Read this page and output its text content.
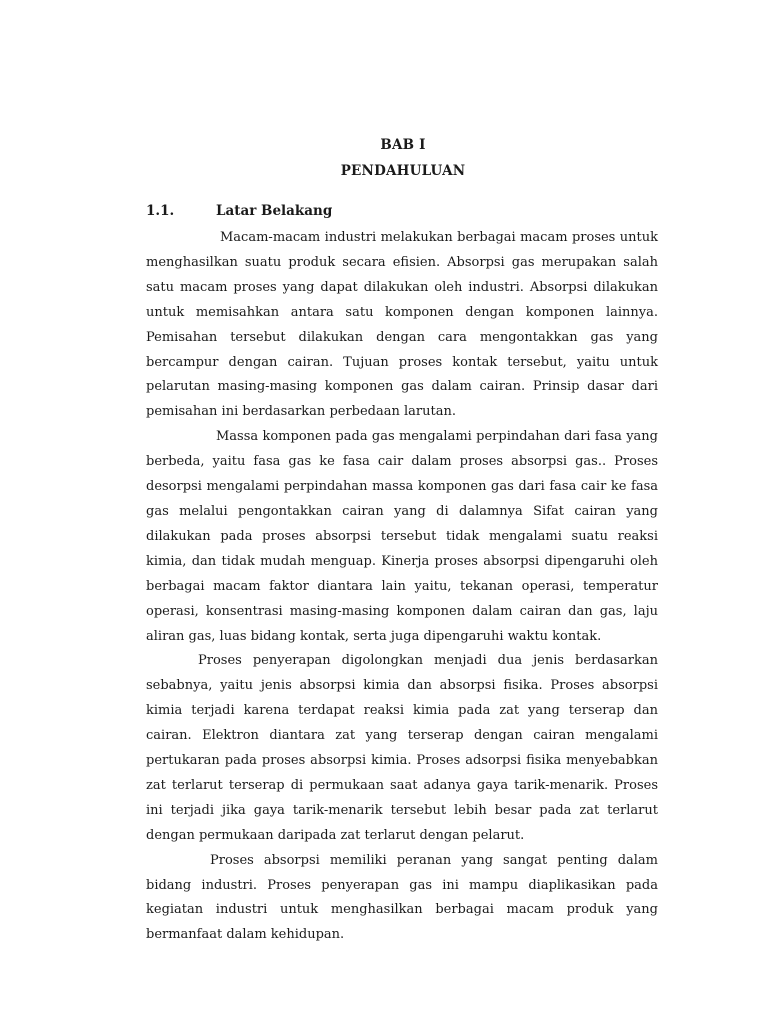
BAB I
PENDAHULUAN
1.1.	Latar Belakang

Macam-macam industri melakukan berbagai macam proses untuk menghasilkan suatu produk secara efisien. Absorpsi gas merupakan salah satu macam proses yang dapat dilakukan oleh industri. Absorpsi dilakukan untuk memisahkan antara satu komponen dengan komponen lainnya. Pemisahan tersebut dilakukan dengan cara mengontakkan gas yang bercampur dengan cairan. Tujuan proses kontak tersebut, yaitu untuk pelarutan masing-masing komponen gas dalam cairan. Prinsip dasar dari pemisahan ini berdasarkan perbedaan larutan.

Massa komponen pada gas mengalami perpindahan dari fasa yang berbeda, yaitu fasa gas ke fasa cair dalam proses absorpsi gas.. Proses desorpsi mengalami perpindahan massa komponen gas dari fasa cair ke fasa gas melalui pengontakkan cairan yang di dalamnya Sifat cairan yang dilakukan pada proses absorpsi tersebut tidak mengalami suatu reaksi kimia, dan tidak mudah menguap. Kinerja proses absorpsi dipengaruhi oleh berbagai macam faktor diantara lain yaitu, tekanan operasi, temperatur operasi, konsentrasi masing-masing komponen dalam cairan dan gas, laju aliran gas, luas bidang kontak, serta juga dipengaruhi waktu kontak.

Proses penyerapan digolongkan menjadi dua jenis berdasarkan sebabnya, yaitu jenis absorpsi kimia dan absorpsi fisika. Proses absorpsi kimia terjadi karena terdapat reaksi kimia pada zat yang terserap dan cairan. Elektron diantara zat yang terserap dengan cairan mengalami pertukaran pada proses absorpsi kimia. Proses adsorpsi fisika menyebabkan zat terlarut terserap di permukaan saat adanya gaya tarik-menarik. Proses ini terjadi jika gaya tarik-menarik tersebut lebih besar pada zat terlarut dengan permukaan daripada zat terlarut dengan pelarut.

Proses absorpsi memiliki peranan yang sangat penting dalam bidang industri. Proses penyerapan gas ini mampu diaplikasikan pada kegiatan industri untuk menghasilkan berbagai macam produk yang bermanfaat dalam kehidupan.
